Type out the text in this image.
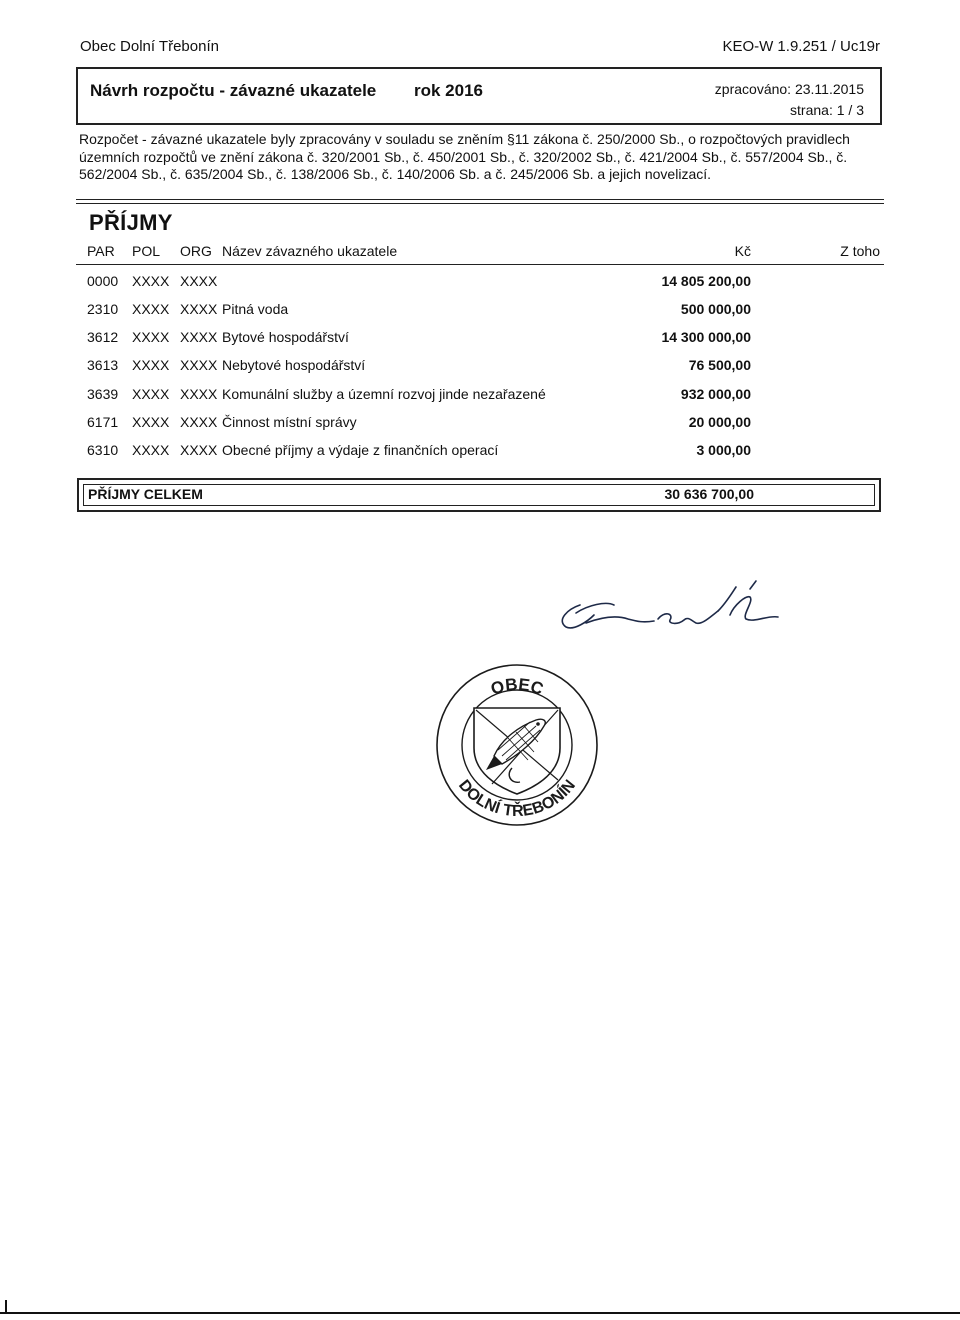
Obec Dolní Třebonín	KEO-W 1.9.251 / Uc19r
Návrh rozpočtu - závazné ukazatele rok 2016	zpracováno: 23.11.2015
strana: 1 / 3
Rozpočet - závazné ukazatele byly zpracovány v souladu se zněním §11 zákona č. 250/2000 Sb., o rozpočtových pravidlech územních rozpočtů ve znění zákona č. 320/2001 Sb., č. 450/2001 Sb., č. 320/2002 Sb., č. 421/2004 Sb., č. 557/2004 Sb., č. 562/2004 Sb., č. 635/2004 Sb., č. 138/2006 Sb., č. 140/2006 Sb. a č. 245/2006 Sb. a jejich novelizací.
PŘÍJMY
PAR POL ORG Název závazného ukazatele	Kč	Z toho
0000 XXXX XXXX	14 805 200,00
2310 XXXX XXXX Pitná voda	500 000,00
3612 XXXX XXXX Bytové hospodářství	14 300 000,00
3613 XXXX XXXX Nebytové hospodářství	76 500,00
3639 XXXX XXXX Komunální služby a územní rozvoj jinde nezařazené	932 000,00
6171 XXXX XXXX Činnost místní správy	20 000,00
6310 XXXX XXXX Obecné příjmy a výdaje z finančních operací	3 000,00
PŘÍJMY CELKEM	30 636 700,00
OBEC
DOLNÍ TŘEBONÍN
